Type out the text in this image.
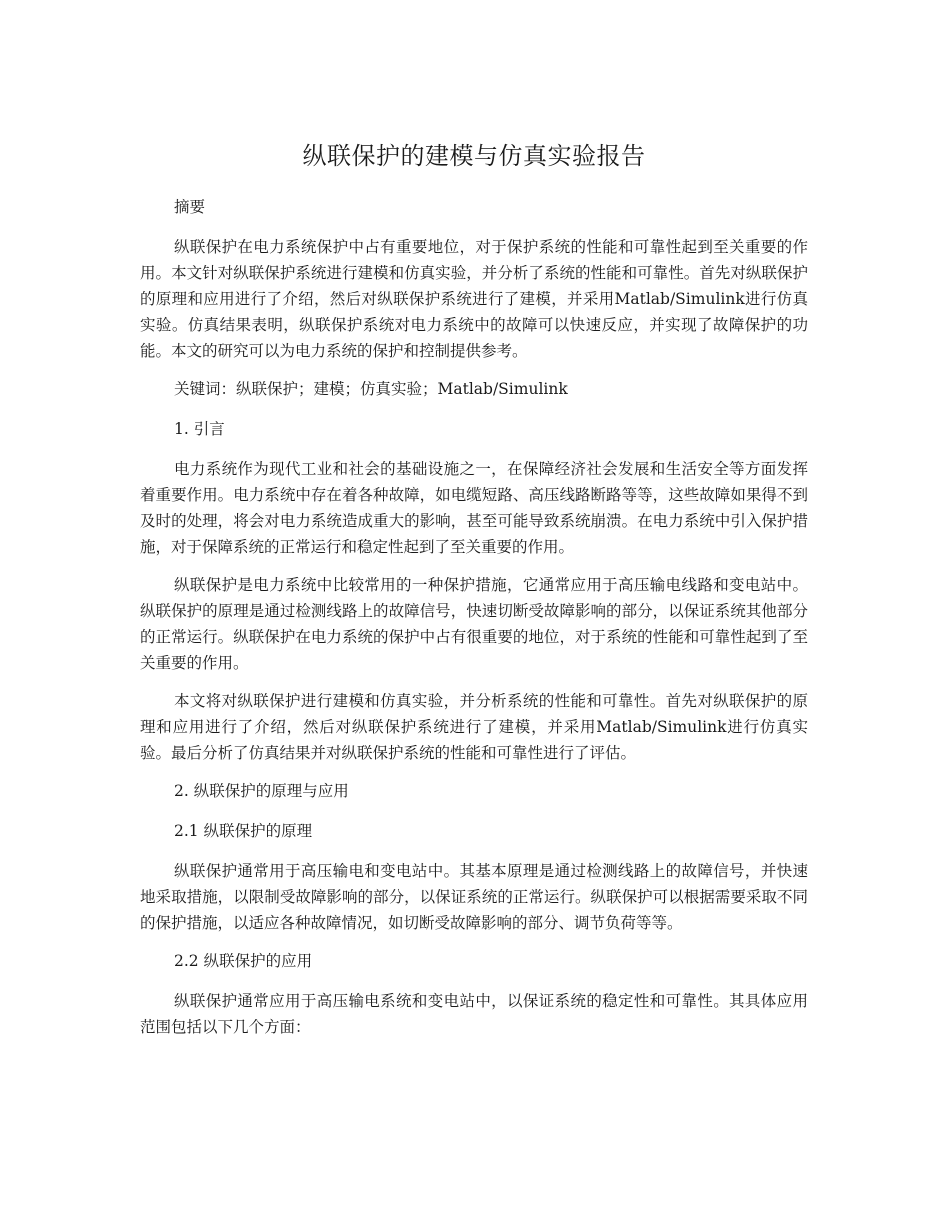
纵联保护的建模与仿真实验报告

摘要

纵联保护在电力系统保护中占有重要地位，对于保护系统的性能和可靠性起到至关重要的作用。本文针对纵联保护系统进行建模和仿真实验，并分析了系统的性能和可靠性。首先对纵联保护的原理和应用进行了介绍，然后对纵联保护系统进行了建模，并采用Matlab/Simulink进行仿真实验。仿真结果表明，纵联保护系统对电力系统中的故障可以快速反应，并实现了故障保护的功能。本文的研究可以为电力系统的保护和控制提供参考。

关键词：纵联保护；建模；仿真实验；Matlab/Simulink

1. 引言

电力系统作为现代工业和社会的基础设施之一，在保障经济社会发展和生活安全等方面发挥着重要作用。电力系统中存在着各种故障，如电缆短路、高压线路断路等等，这些故障如果得不到及时的处理，将会对电力系统造成重大的影响，甚至可能导致系统崩溃。在电力系统中引入保护措施，对于保障系统的正常运行和稳定性起到了至关重要的作用。

纵联保护是电力系统中比较常用的一种保护措施，它通常应用于高压输电线路和变电站中。纵联保护的原理是通过检测线路上的故障信号，快速切断受故障影响的部分，以保证系统其他部分的正常运行。纵联保护在电力系统的保护中占有很重要的地位，对于系统的性能和可靠性起到了至关重要的作用。

本文将对纵联保护进行建模和仿真实验，并分析系统的性能和可靠性。首先对纵联保护的原理和应用进行了介绍，然后对纵联保护系统进行了建模，并采用Matlab/Simulink进行仿真实验。最后分析了仿真结果并对纵联保护系统的性能和可靠性进行了评估。

2. 纵联保护的原理与应用

2.1 纵联保护的原理

纵联保护通常用于高压输电和变电站中。其基本原理是通过检测线路上的故障信号，并快速地采取措施，以限制受故障影响的部分，以保证系统的正常运行。纵联保护可以根据需要采取不同的保护措施，以适应各种故障情况，如切断受故障影响的部分、调节负荷等等。

2.2 纵联保护的应用

纵联保护通常应用于高压输电系统和变电站中，以保证系统的稳定性和可靠性。其具体应用范围包括以下几个方面：
